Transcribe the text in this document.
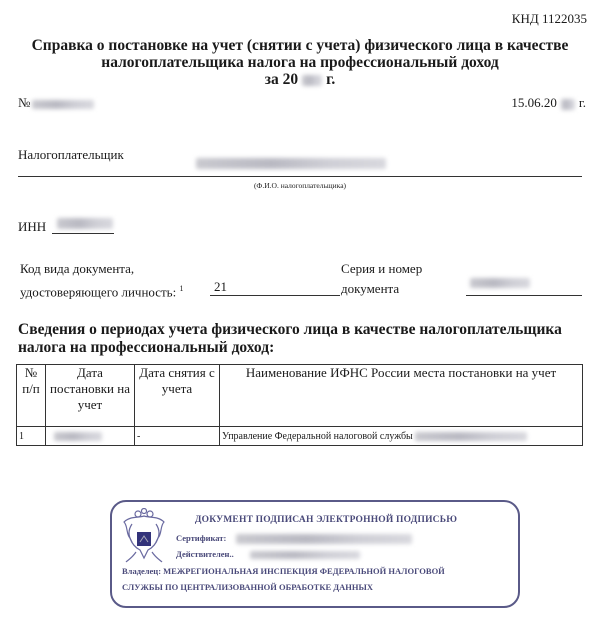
КНД 1122035
Справка о постановке на учет (снятии с учета) физического лица в качестве
налогоплательщика налога на профессиональный доход
за 20 г.
№	15.06.20 г.
Налогоплательщик
(Ф.И.О. налогоплательщика)
ИНН
Код вида документа,
удостоверяющего личность: $^1$ 21
Серия и номер
документа
Сведения о периодах учета физического лица в качестве налогоплательщика
налога на профессиональный доход:
№ п/п	Дата постановки на учет	Дата снятия с учета	Наименование ИФНС России места постановки на учет
1		-	Управление Федеральной налоговой службы
ДОКУМЕНТ ПОДПИСАН ЭЛЕКТРОННОЙ ПОДПИСЬЮ
Сертификат:
Действителен..
Владелец: МЕЖРЕГИОНАЛЬНАЯ ИНСПЕКЦИЯ ФЕДЕРАЛЬНОЙ НАЛОГОВОЙ
СЛУЖБЫ ПО ЦЕНТРАЛИЗОВАННОЙ ОБРАБОТКЕ ДАННЫХ
